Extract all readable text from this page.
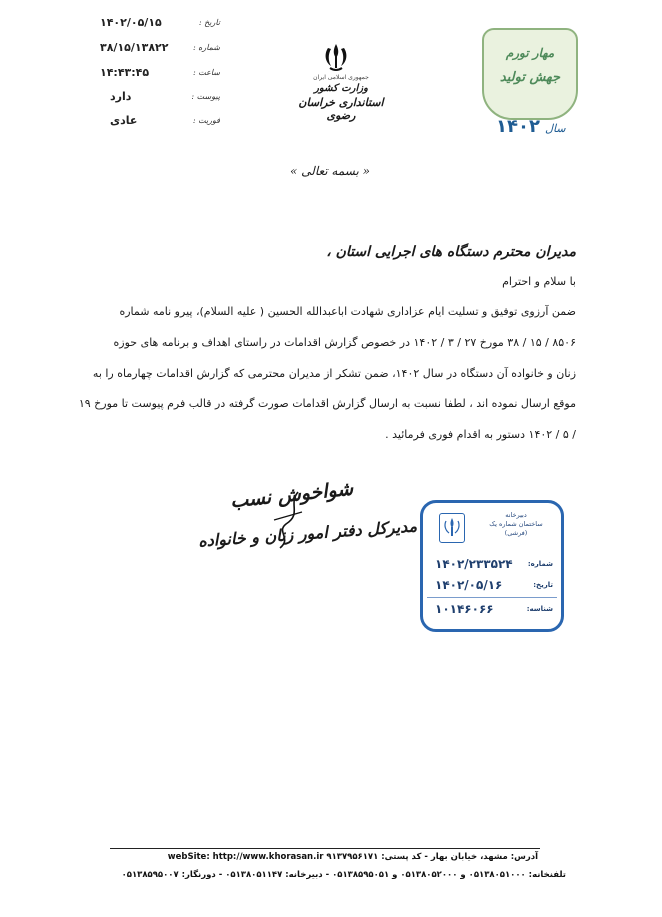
تاریخ :
۱۴۰۲/۰۵/۱۵
شماره :
۳۸/۱۵/۱۳۸۲۲
ساعت :
۱۴:۴۳:۴۵
پیوست :
دارد
فوریت :
عادی
جمهوری اسلامی ایران
وزارت کشور
استانداری خراسان رضوی
مهار تورم
جهش تولید
سال ۱۴۰۲
« بسمه تعالی »
مدیران محترم دستگاه های اجرایی استان ،
با سلام و احترام
ضمن آرزوی توفیق و تسلیت ایام عزاداری شهادت اباعبدالله الحسین ( علیه السلام)، پیرو نامه شماره
۸۵۰۶ / ۱۵ / ۳۸ مورخ ۲۷ / ۳ / ۱۴۰۲ در خصوص گزارش اقدامات در راستای اهداف و برنامه های حوزه
زنان و خانواده آن دستگاه در سال ۱۴۰۲، ضمن تشکر از مدیران محترمی که گزارش اقدامات چهارماه را به
موقع ارسال نموده اند ، لطفا نسبت به ارسال گزارش اقدامات صورت گرفته در قالب فرم پیوست تا مورخ ۱۹
/ ۵ / ۱۴۰۲ دستور به اقدام فوری فرمائید .
شواخوش نسب
مدیرکل دفتر امور زنان و خانواده
دبیرخانه
ساختمان شماره یک
(فرشی)
شماره:
۱۴۰۲/۲۳۳۵۲۴
تاریخ:
۱۴۰۲/۰۵/۱۶
شناسه:
۱۰۱۴۶۰۶۶
آدرس: مشهد، خیابان بهار - کد پستی: ۹۱۳۷۹۵۶۱۷۱ webSite: http://www.khorasan.ir
تلفنخانه: ۰۵۱۳۸۰۵۱۰۰۰ و ۰۵۱۳۸۰۵۲۰۰۰ و ۰۵۱۳۸۵۹۵۰۵۱ - دبیرخانه: ۰۵۱۳۸۰۵۱۱۴۷ - دورنگار: ۰۵۱۳۸۵۹۵۰۰۷
